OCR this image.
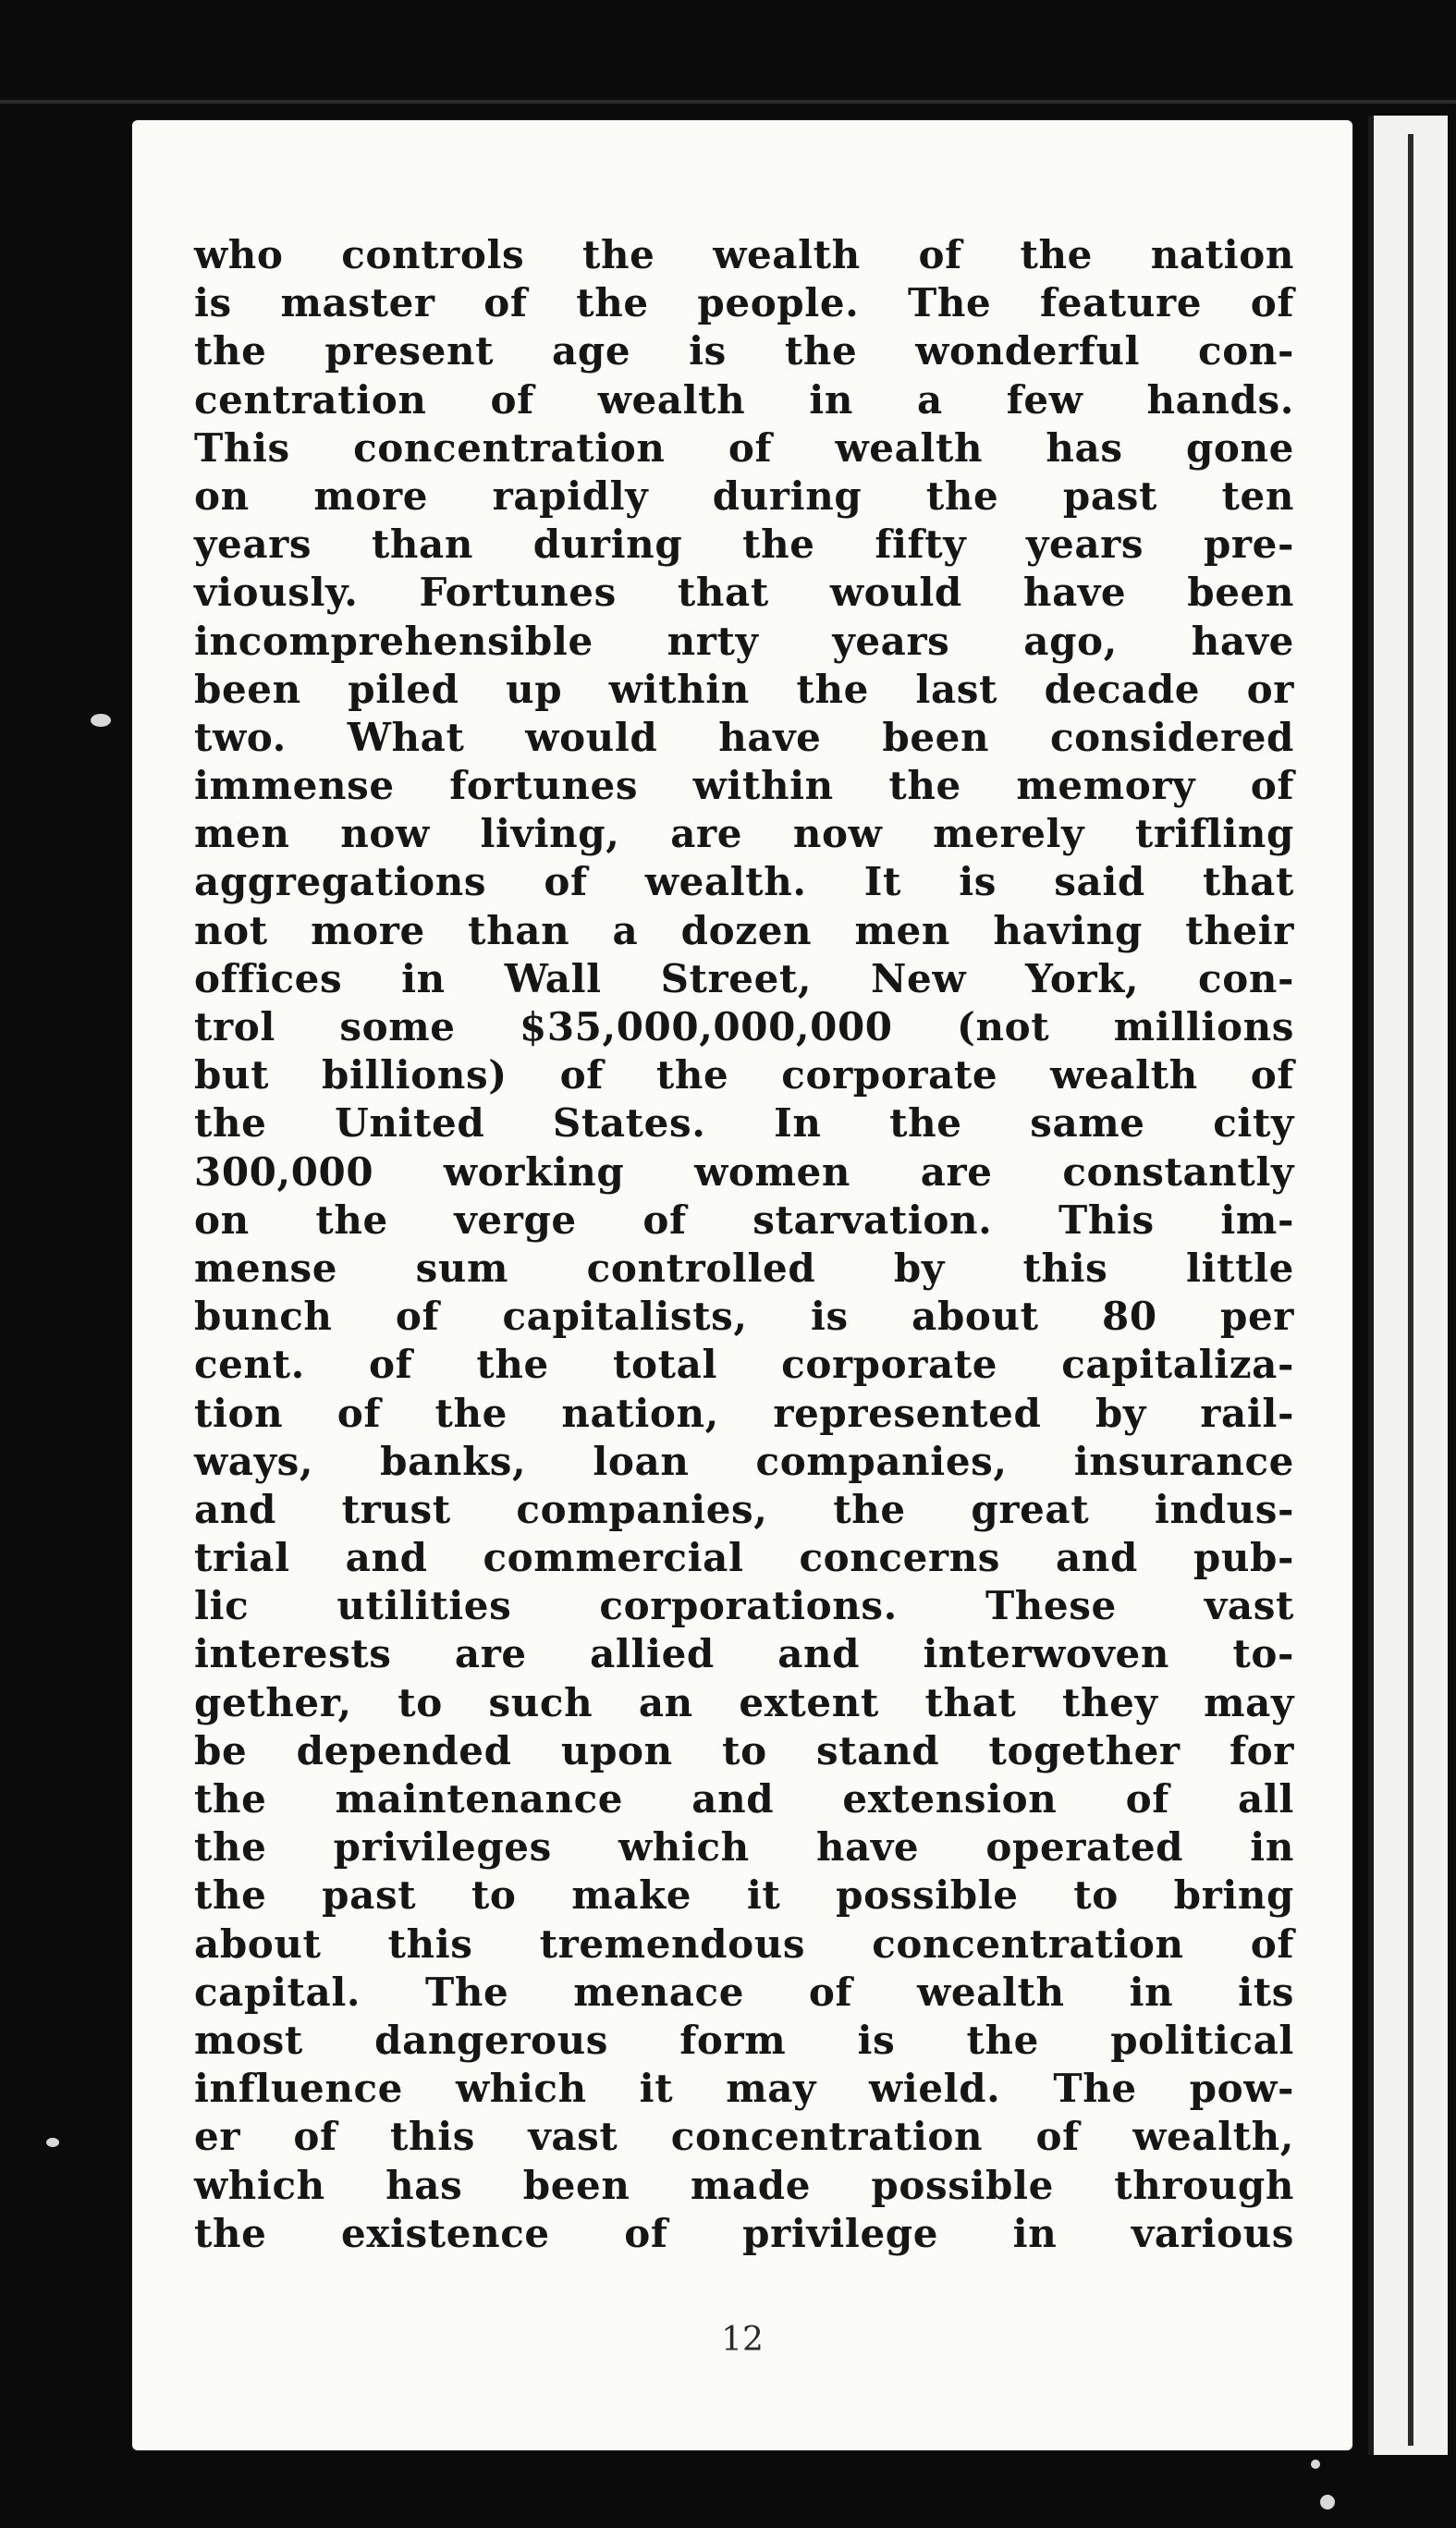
12
who controls the wealth of the nation
is master of the people. The feature of
the present age is the wonderful con-
centration of wealth in a few hands.
This concentration of wealth has gone
on more rapidly during the past ten
years than during the fifty years pre-
viously. Fortunes that would have been
incomprehensible nrty years ago, have
been piled up within the last decade or
two. What would have been considered
immense fortunes within the memory of
men now living, are now merely trifling
aggregations of wealth. It is said that
not more than a dozen men having their
offices in Wall Street, New York, con-
trol some $35,000,000,000 (not millions
but billions) of the corporate wealth of
the United States. In the same city
300,000 working women are constantly
on the verge of starvation. This im-
mense sum controlled by this little
bunch of capitalists, is about 80 per
cent. of the total corporate capitaliza-
tion of the nation, represented by rail-
ways, banks, loan companies, insurance
and trust companies, the great indus-
trial and commercial concerns and pub-
lic utilities corporations. These vast
interests are allied and interwoven to-
gether, to such an extent that they may
be depended upon to stand together for
the maintenance and extension of all
the privileges which have operated in
the past to make it possible to bring
about this tremendous concentration of
capital. The menace of wealth in its
most dangerous form is the political
influence which it may wield. The pow-
er of this vast concentration of wealth,
which has been made possible through
the existence of privilege in various
